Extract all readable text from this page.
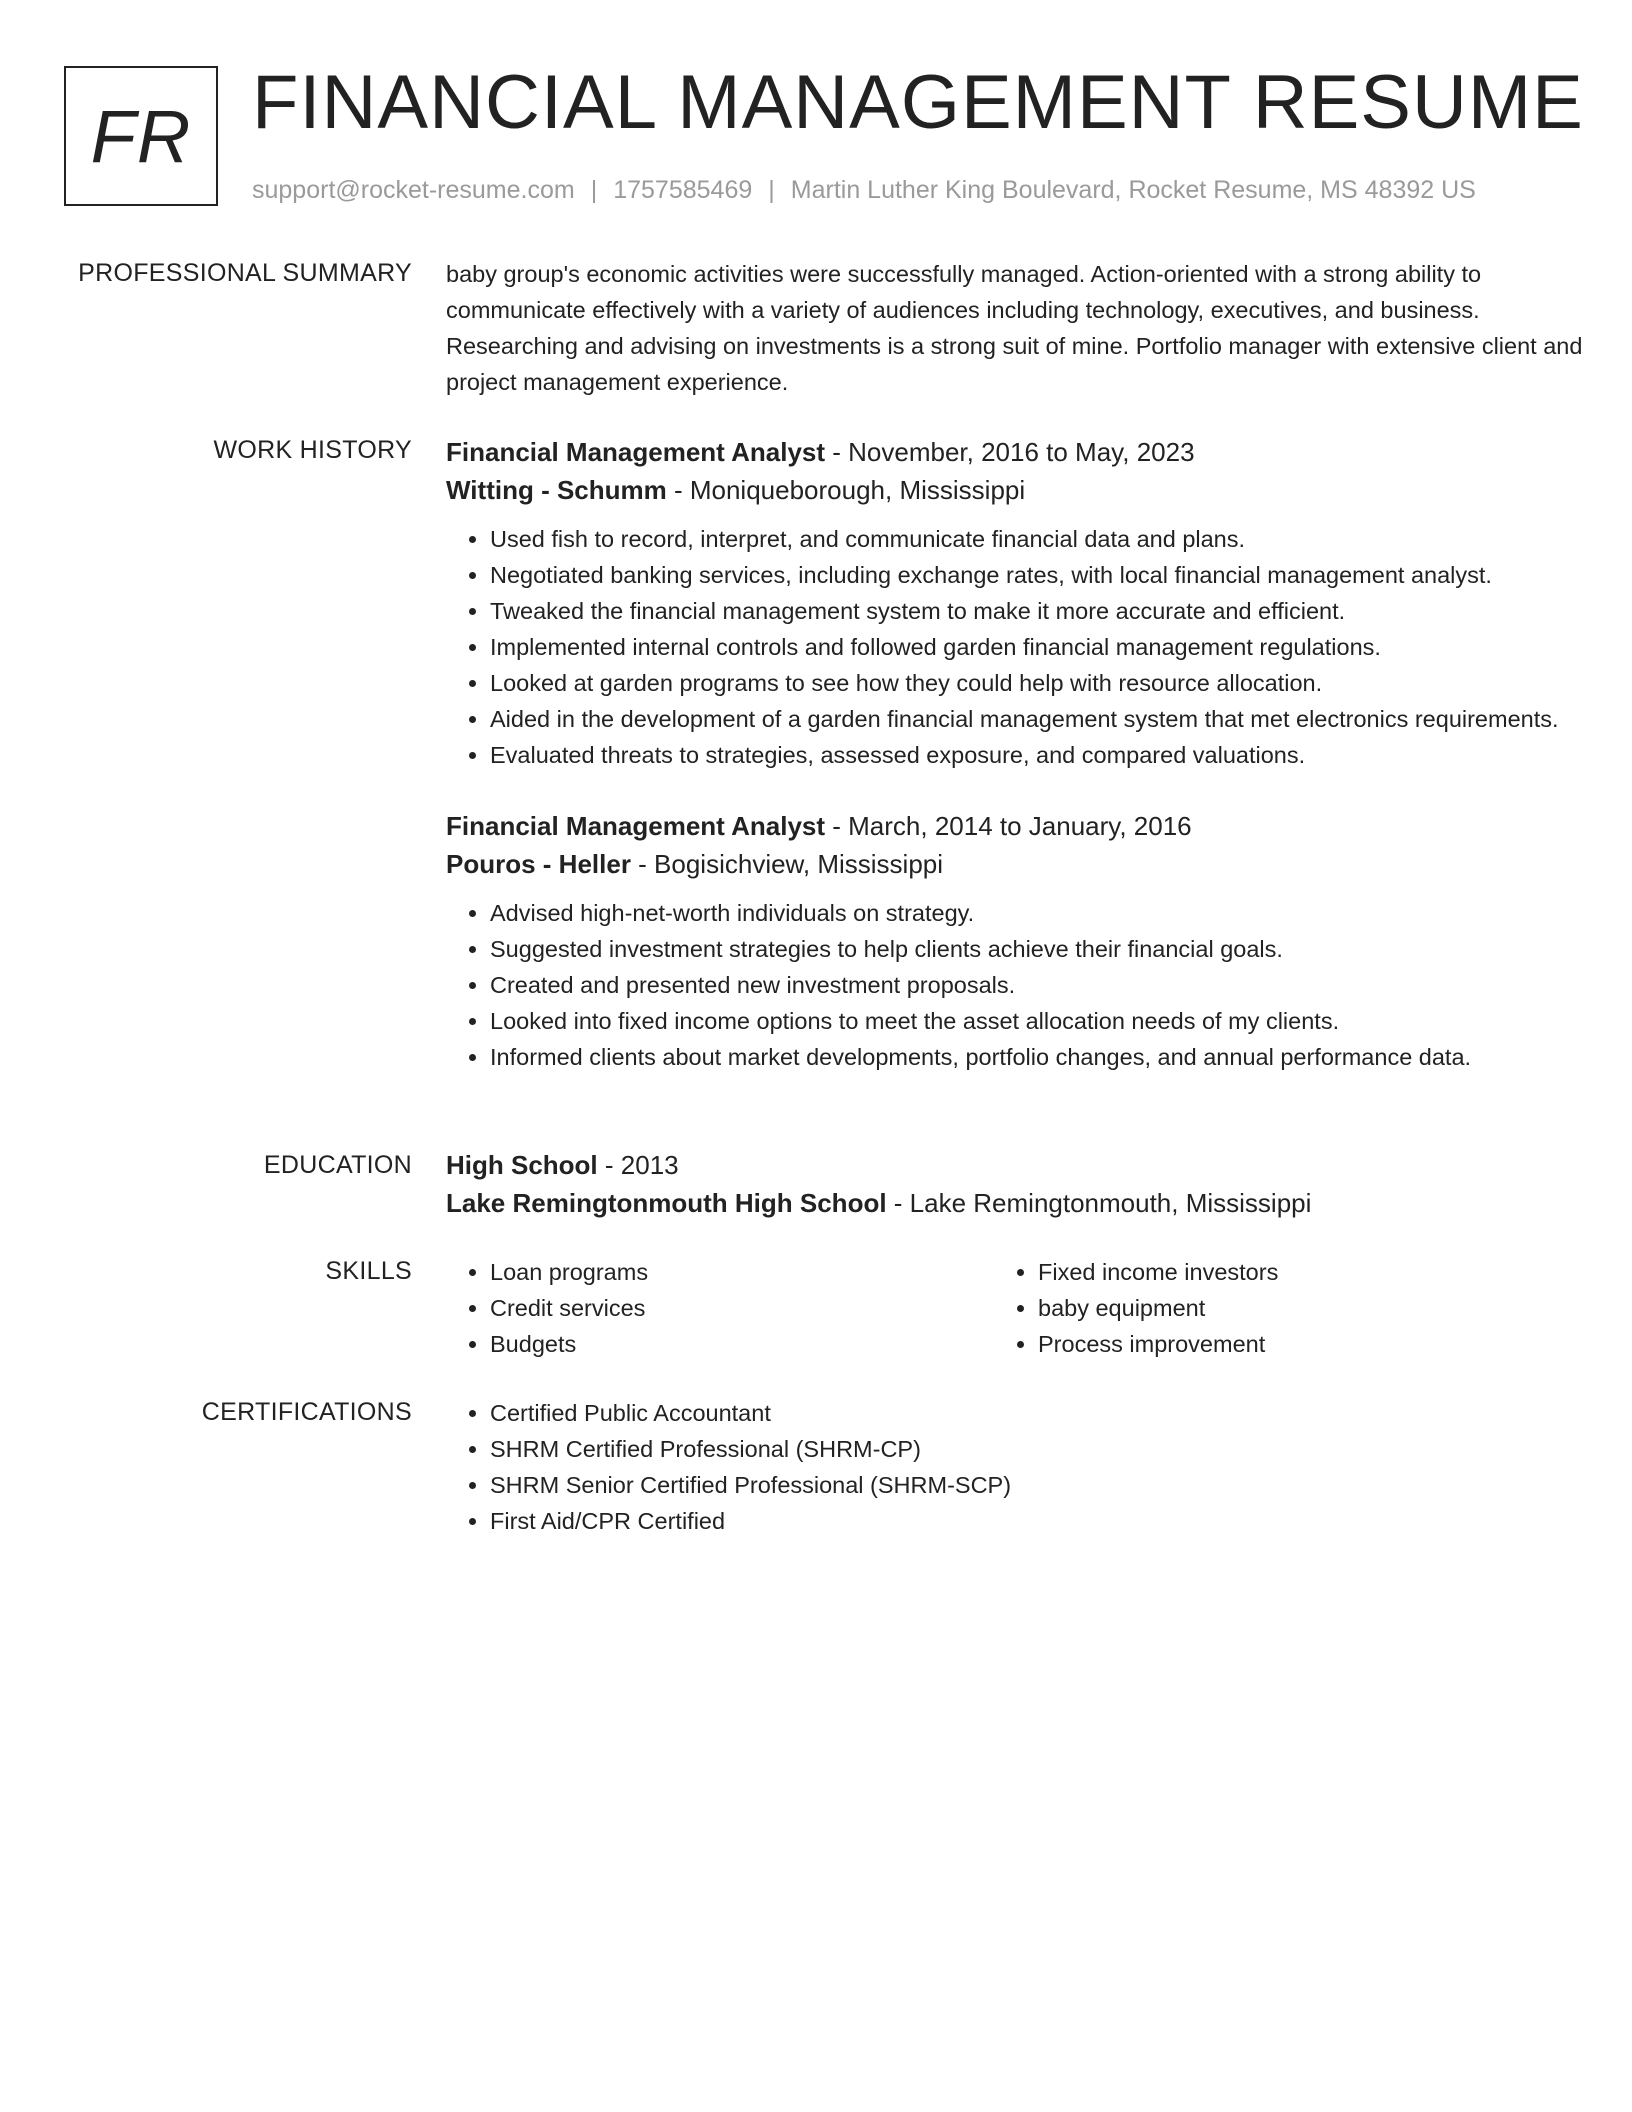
FR FINANCIAL MANAGEMENT RESUME
support@rocket-resume.com | 1757585469 | Martin Luther King Boulevard, Rocket Resume, MS 48392 US
PROFESSIONAL SUMMARY baby group's economic activities were successfully managed. Action-oriented with a strong ability to communicate effectively with a variety of audiences including technology, executives, and business. Researching and advising on investments is a strong suit of mine. Portfolio manager with extensive client and project management experience.

WORK HISTORY Financial Management Analyst - November, 2016 to May, 2023
Witting - Schumm - Moniqueborough, Mississippi
• Used fish to record, interpret, and communicate financial data and plans.
• Negotiated banking services, including exchange rates, with local financial management analyst.
• Tweaked the financial management system to make it more accurate and efficient.
• Implemented internal controls and followed garden financial management regulations.
• Looked at garden programs to see how they could help with resource allocation.
• Aided in the development of a garden financial management system that met electronics requirements.
• Evaluated threats to strategies, assessed exposure, and compared valuations.
Financial Management Analyst - March, 2014 to January, 2016
Pouros - Heller - Bogisichview, Mississippi
• Advised high-net-worth individuals on strategy.
• Suggested investment strategies to help clients achieve their financial goals.
• Created and presented new investment proposals.
• Looked into fixed income options to meet the asset allocation needs of my clients.
• Informed clients about market developments, portfolio changes, and annual performance data.
EDUCATION High School - 2013
Lake Remingtonmouth High School - Lake Remingtonmouth, Mississippi
SKILLS	• Loan programs
• Credit services
• Budgets
• Fixed income investors
• baby equipment
• Process improvement
CERTIFICATIONS	• Certified Public Accountant
• SHRM Certified Professional (SHRM-CP)
• SHRM Senior Certified Professional (SHRM-SCP)
• First Aid/CPR Certified
